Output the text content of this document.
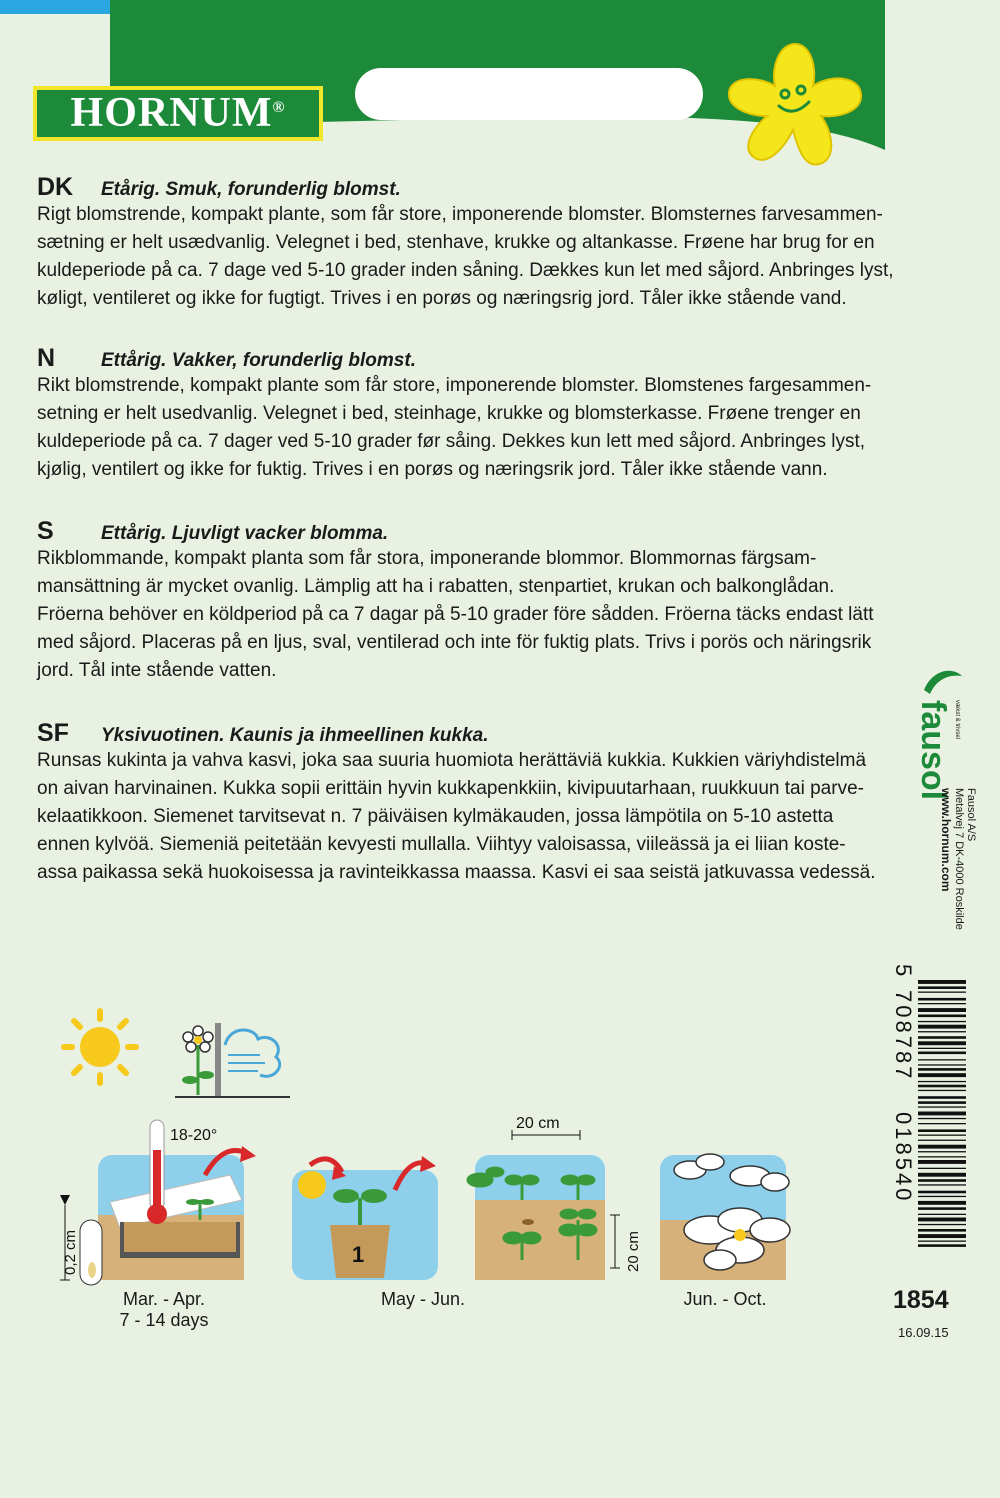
HORNUM®
DK	Etårig. Smuk, forunderlig blomst.
Rigt blomstrende, kompakt plante, som får store, imponerende blomster. Blomsternes farvesammen-
sætning er helt usædvanlig. Velegnet i bed, stenhave, krukke og altankasse. Frøene har brug for en
kuldeperiode på ca. 7 dage ved 5-10 grader inden såning. Dækkes kun let med såjord. Anbringes lyst,
køligt, ventileret og ikke for fugtigt. Trives i en porøs og næringsrig jord. Tåler ikke stående vand.
N	Ettårig. Vakker, forunderlig blomst.
Rikt blomstrende, kompakt plante som får store, imponerende blomster. Blomstenes fargesammen-
setning er helt usedvanlig. Velegnet i bed, steinhage, krukke og blomsterkasse. Frøene trenger en
kuldeperiode på ca. 7 dager ved 5-10 grader før såing. Dekkes kun lett med såjord. Anbringes lyst,
kjølig, ventilert og ikke for fuktig. Trives i en porøs og næringsrik jord. Tåler ikke stående vann.
S	Ettårig. Ljuvligt vacker blomma.
Rikblommande, kompakt planta som får stora, imponerande blommor. Blommornas färgsam-
mansättning är mycket ovanlig. Lämplig att ha i rabatten, stenpartiet, krukan och balkonglådan.
Fröerna behöver en köldperiod på ca 7 dagar på 5-10 grader före sådden. Fröerna täcks endast lätt
med såjord. Placeras på en ljus, sval, ventilerad och inte för fuktig plats. Trivs i porös och näringsrik
jord. Tål inte stående vatten.
SF	Yksivuotinen. Kaunis ja ihmeellinen kukka.
Runsas kukinta ja vahva kasvi, joka saa suuria huomiota herättäviä kukkia. Kukkien väriyhdistelmä
on aivan harvinainen. Kukka sopii erittäin hyvin kukkapenkkiin, kivipuutarhaan, ruukkuun tai parve-
kelaatikkoon. Siemenet tarvitsevat n. 7 päiväisen kylmäkauden, jossa lämpötila on 5-10 astetta
ennen kylvöä. Siemeniä peitetään kevyesti mullalla. Viihtyy valoisassa, viileässä ja ei liian koste-
assa paikassa sekä huokoisessa ja ravinteikkassa maassa. Kasvi ei saa seistä jatkuvassa vedessä.
fausol vækst & trivsel
Fausol A/S
Metalvej 7 DK-4000 Roskilde
www.hornum.com
5
708787
018540
1854
16.09.15
18-20°
0,2 cm	1
20 cm
20 cm
Mar. - Apr.
7 - 14 days
May - Jun.	Jun. - Oct.
